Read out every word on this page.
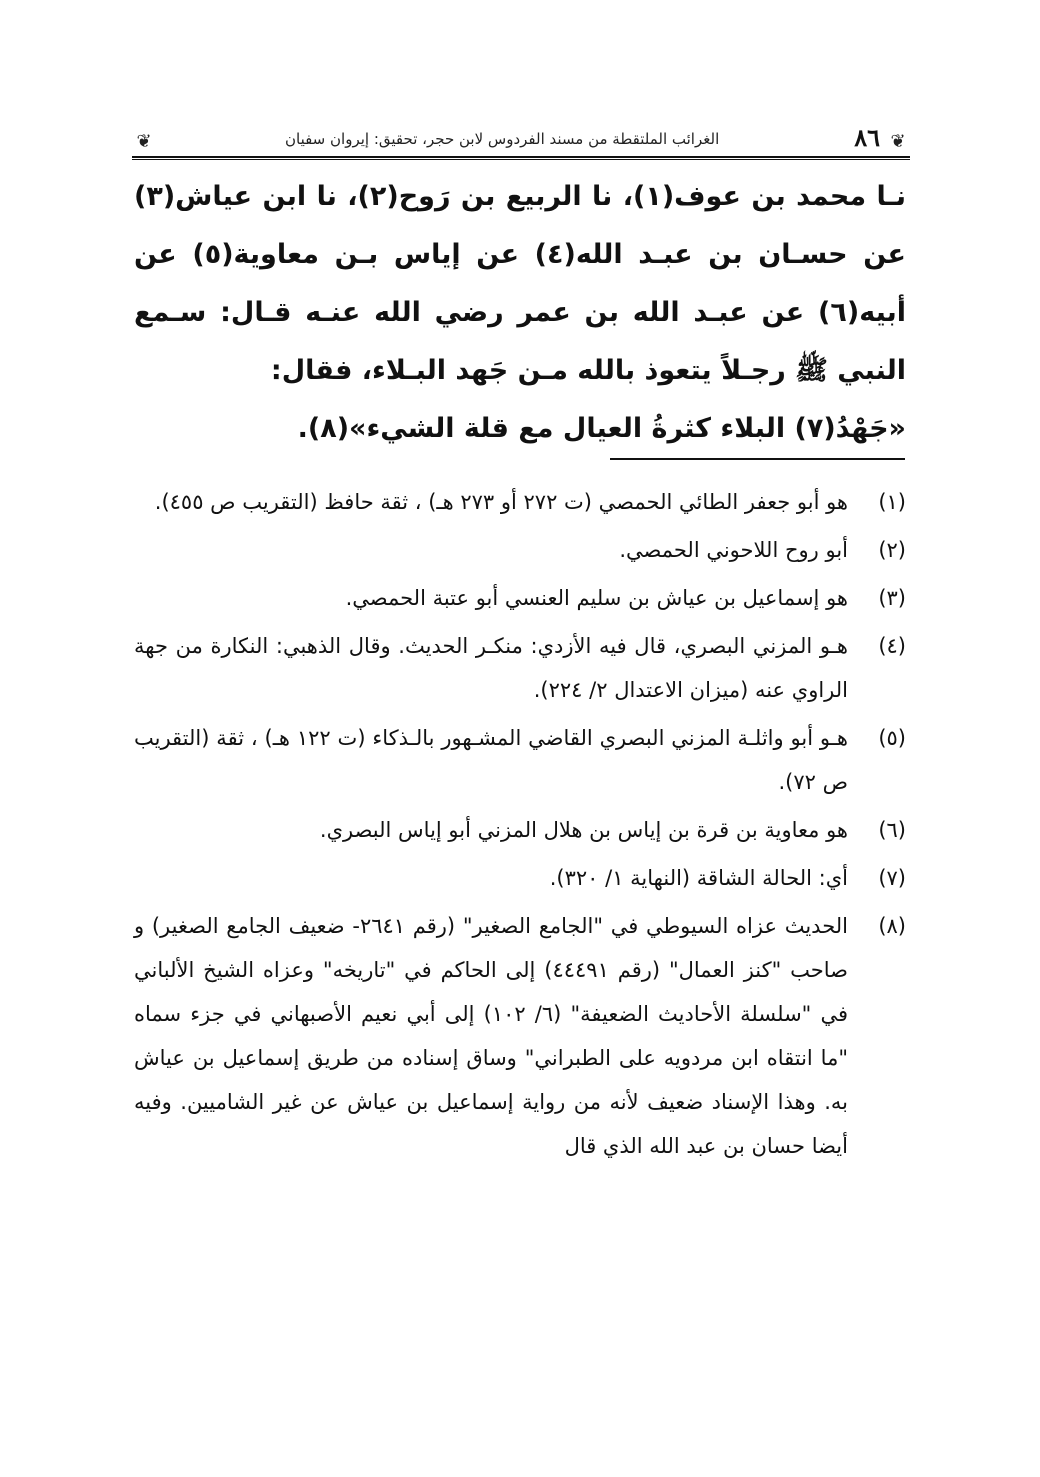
❦
٨٦
الغرائب الملتقطة من مسند الفردوس لابن حجر، تحقيق: إيروان سفيان
❦

نـا محمد بن عوف(١)، نا الربيع بن رَوح(٢)، نا ابن عياش(٣) عن حسـان بن عبـد الله(٤) عن إياس بـن معاوية(٥) عن أبيه(٦) عن عبـد الله بن عمر رضي الله عنـه قـال: سـمع النبي ﷺ رجـلاً يتعوذ بالله مـن جَهد البـلاء، فقال:

«جَهْدُ(٧) البلاء كثرةُ العيال مع قلة الشيء»(٨).

(١)
هو أبو جعفر الطائي الحمصي (ت ٢٧٢ أو ٢٧٣ هـ) ، ثقة حافظ (التقريب ص ٤٥٥).
(٢)
أبو روح اللاحوني الحمصي.
(٣)
هو إسماعيل بن عياش بن سليم العنسي أبو عتبة الحمصي.
(٤)
هـو المزني البصري، قال فيه الأزدي: منكـر الحديث. وقال الذهبي: النكارة من جهة الراوي عنه (ميزان الاعتدال ٢/ ٢٢٤).
(٥)
هـو أبو واثلـة المزني البصري القاضي المشـهور بالـذكاء (ت ١٢٢ هـ) ، ثقة (التقريب ص ٧٢).
(٦)
هو معاوية بن قرة بن إياس بن هلال المزني أبو إياس البصري.
(٧)
أي: الحالة الشاقة (النهاية ١/ ٣٢٠).
(٨)
الحديث عزاه السيوطي في "الجامع الصغير" (رقم ٢٦٤١- ضعيف الجامع الصغير) و صاحب "كنز العمال" (رقم ٤٤٤٩١) إلى الحاكم في "تاريخه" وعزاه الشيخ الألباني في "سلسلة الأحاديث الضعيفة" (٦/ ١٠٢) إلى أبي نعيم الأصبهاني في جزء سماه "ما انتقاه ابن مردويه على الطبراني" وساق إسناده من طريق إسماعيل بن عياش به. وهذا الإسناد ضعيف لأنه من رواية إسماعيل بن عياش عن غير الشاميين. وفيه أيضا حسان بن عبد الله الذي قال
